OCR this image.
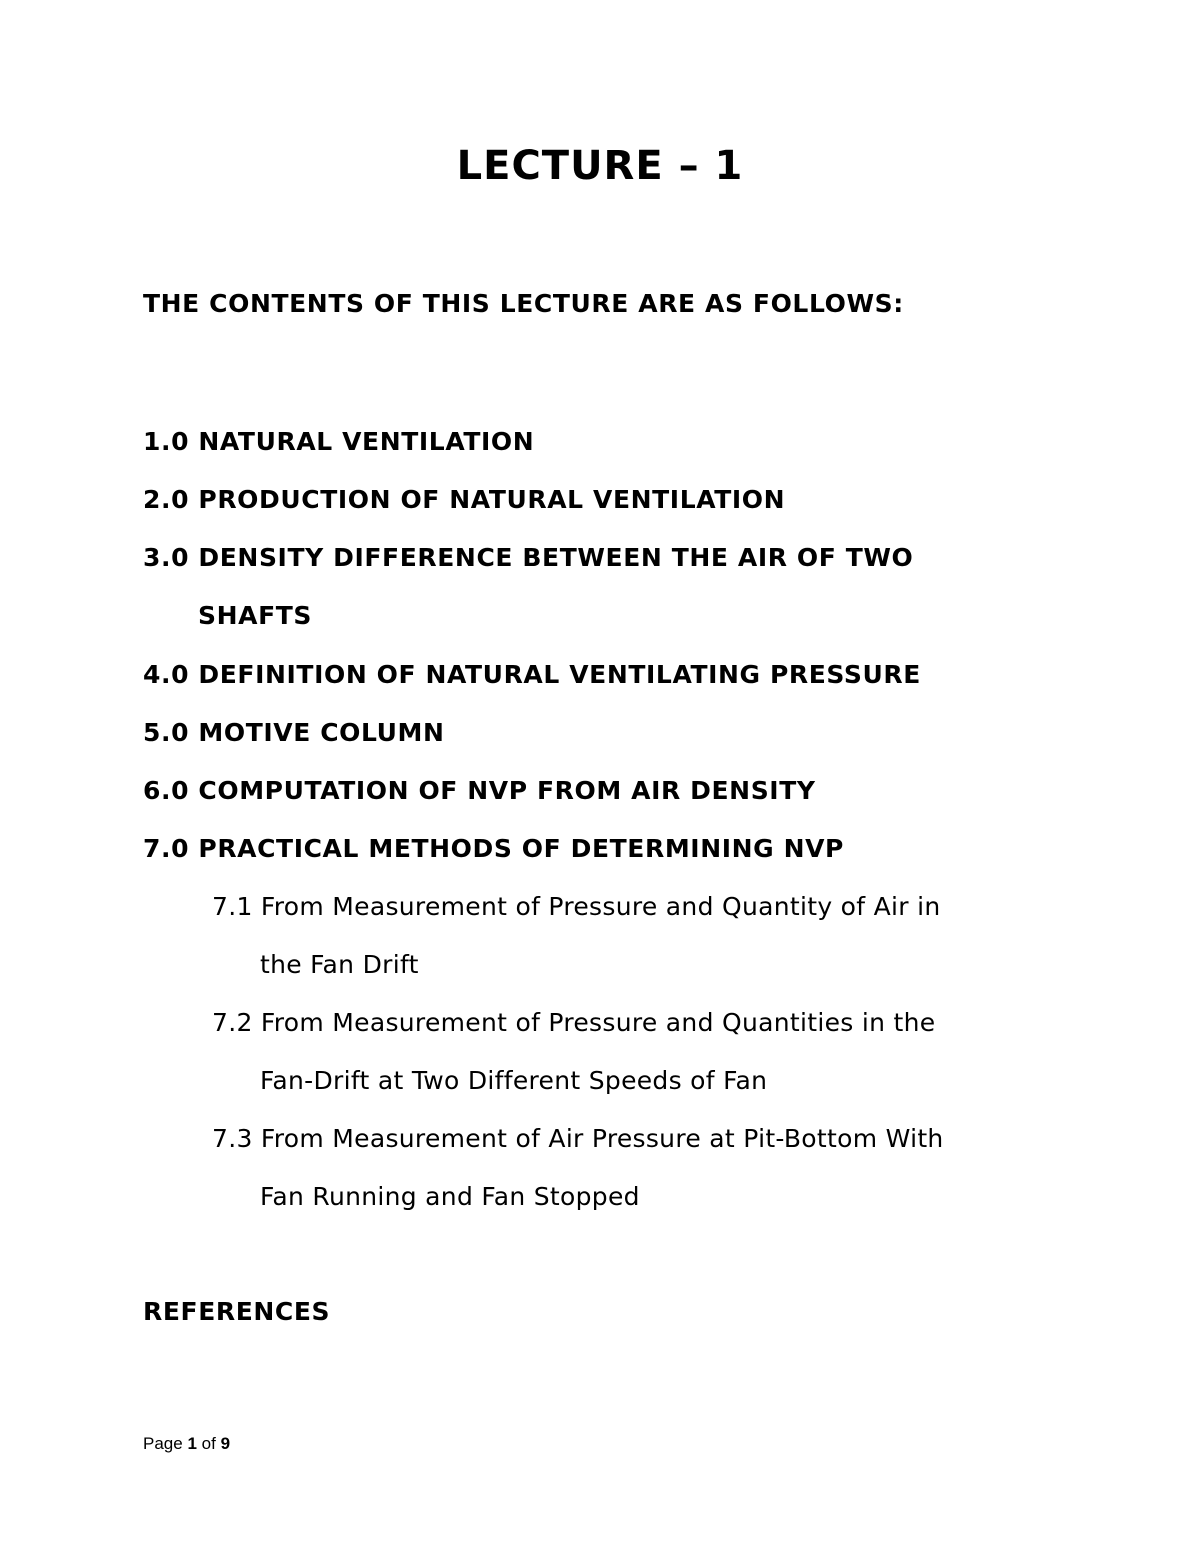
LECTURE – 1
THE CONTENTS OF THIS LECTURE ARE AS FOLLOWS:
1.0 NATURAL VENTILATION
2.0 PRODUCTION OF NATURAL VENTILATION
3.0 DENSITY DIFFERENCE BETWEEN THE AIR OF TWO
SHAFTS
4.0 DEFINITION OF NATURAL VENTILATING PRESSURE
5.0 MOTIVE COLUMN
6.0 COMPUTATION OF NVP FROM AIR DENSITY
7.0 PRACTICAL METHODS OF DETERMINING NVP
7.1 From Measurement of Pressure and Quantity of Air in
the Fan Drift
7.2 From Measurement of Pressure and Quantities in the
Fan-Drift at Two Different Speeds of Fan
7.3 From Measurement of Air Pressure at Pit-Bottom With
Fan Running and Fan Stopped
REFERENCES
Page 1 of 9
